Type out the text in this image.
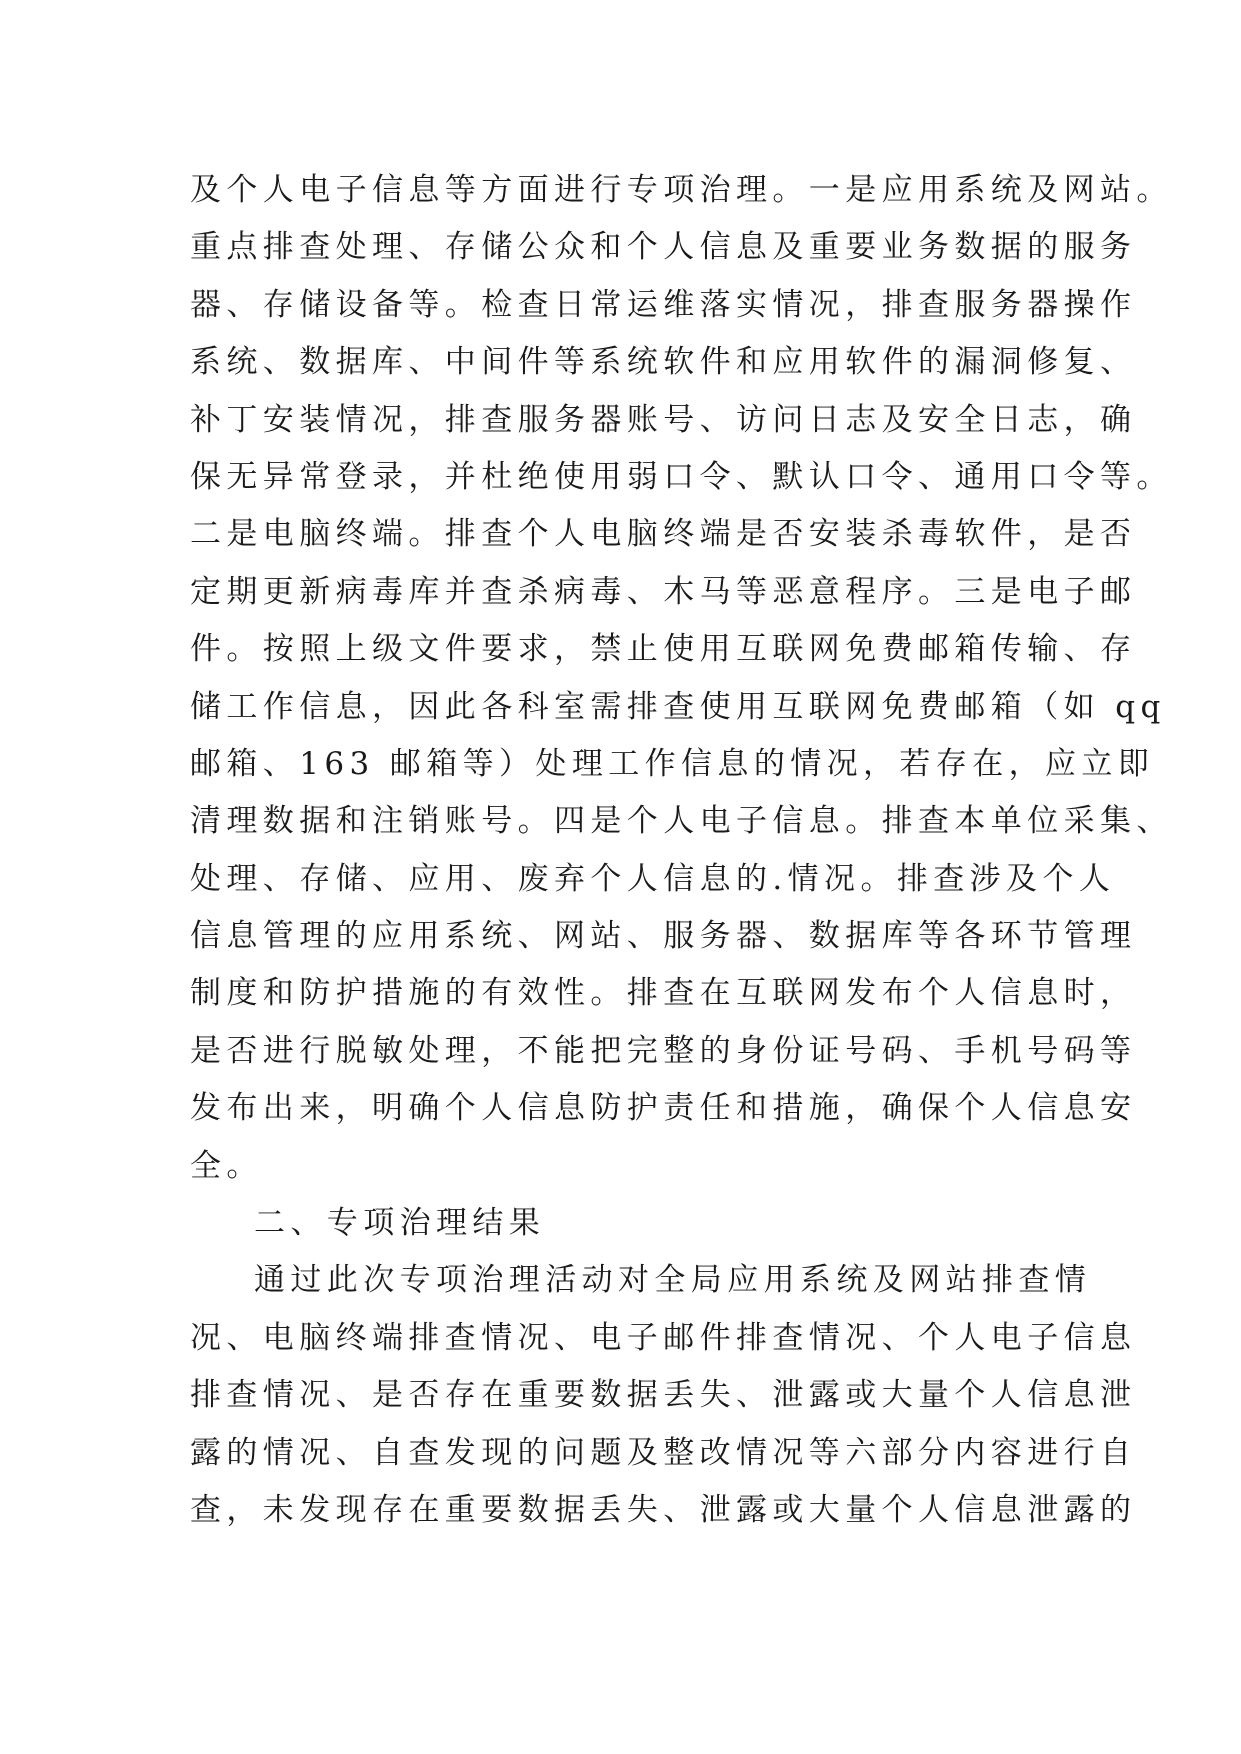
及个人电子信息等方面进行专项治理。一是应用系统及网站。
重点排查处理、存储公众和个人信息及重要业务数据的服务
器、存储设备等。检查日常运维落实情况，排查服务器操作
系统、数据库、中间件等系统软件和应用软件的漏洞修复、
补丁安装情况，排查服务器账号、访问日志及安全日志，确
保无异常登录，并杜绝使用弱口令、默认口令、通用口令等。
二是电脑终端。排查个人电脑终端是否安装杀毒软件，是否
定期更新病毒库并查杀病毒、木马等恶意程序。三是电子邮
件。按照上级文件要求，禁止使用互联网免费邮箱传输、存
储工作信息，因此各科室需排查使用互联网免费邮箱（如 qq
邮箱、163 邮箱等）处理工作信息的情况，若存在，应立即
清理数据和注销账号。四是个人电子信息。排查本单位采集、
处理、存储、应用、废弃个人信息的.情况。排查涉及个人
信息管理的应用系统、网站、服务器、数据库等各环节管理
制度和防护措施的有效性。排查在互联网发布个人信息时，
是否进行脱敏处理，不能把完整的身份证号码、手机号码等
发布出来，明确个人信息防护责任和措施，确保个人信息安
全。
二、专项治理结果
通过此次专项治理活动对全局应用系统及网站排查情
况、电脑终端排查情况、电子邮件排查情况、个人电子信息
排查情况、是否存在重要数据丢失、泄露或大量个人信息泄
露的情况、自查发现的问题及整改情况等六部分内容进行自
查，未发现存在重要数据丢失、泄露或大量个人信息泄露的
